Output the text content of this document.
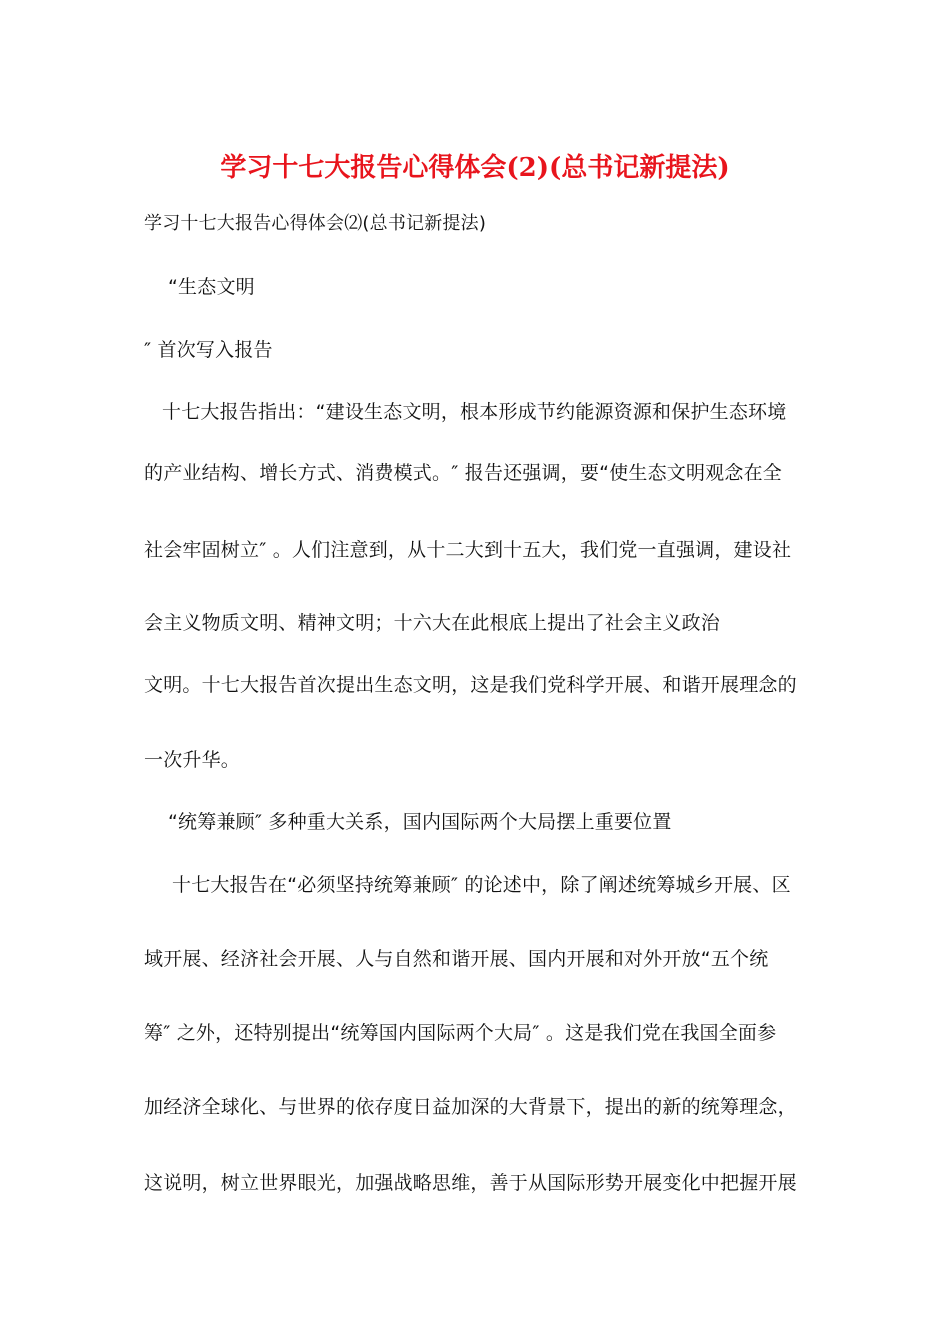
学习十七大报告心得体会(2)(总书记新提法)
学习十七大报告心得体会⑵(总书记新提法)
“生态文明
″ 首次写入报告
十七大报告指出：“建设生态文明，根本形成节约能源资源和保护生态环境
的产业结构、增长方式、消费模式。″ 报告还强调，要“使生态文明观念在全
社会牢固树立″ 。人们注意到，从十二大到十五大，我们党一直强调，建设社
会主义物质文明、精神文明；十六大在此根底上提出了社会主义政治
文明。十七大报告首次提出生态文明，这是我们党科学开展、和谐开展理念的
一次升华。
“统筹兼顾″ 多种重大关系，国内国际两个大局摆上重要位置
十七大报告在“必须坚持统筹兼顾″ 的论述中，除了阐述统筹城乡开展、区
域开展、经济社会开展、人与自然和谐开展、国内开展和对外开放“五个统
筹″ 之外，还特别提出“统筹国内国际两个大局″ 。这是我们党在我国全面参
加经济全球化、与世界的依存度日益加深的大背景下，提出的新的统筹理念，
这说明，树立世界眼光，加强战略思维，善于从国际形势开展变化中把握开展
